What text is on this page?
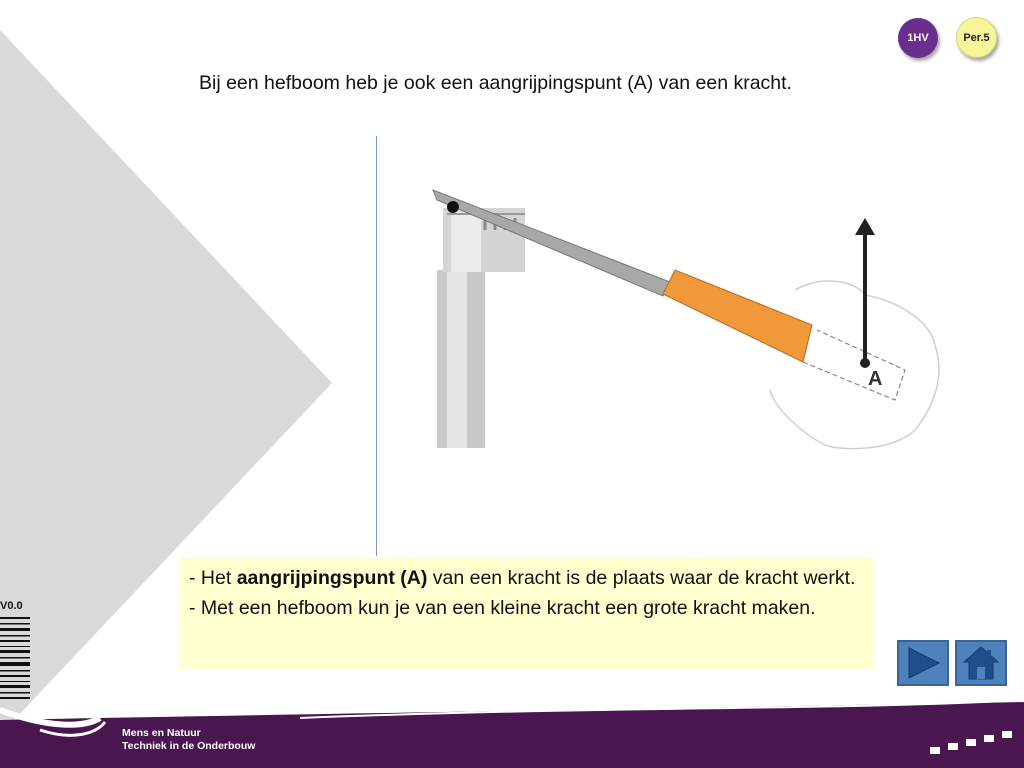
1HV	Per.5
Bij een hefboom heb je ook een aangrijpingspunt (A) van een kracht.
A
- Het aangrijpingspunt (A) van een kracht is de plaats waar de kracht werkt.
- Met een hefboom kun je van een kleine kracht een grote kracht maken.
V0.0
Mens en Natuur
Techniek in de Onderbouw
